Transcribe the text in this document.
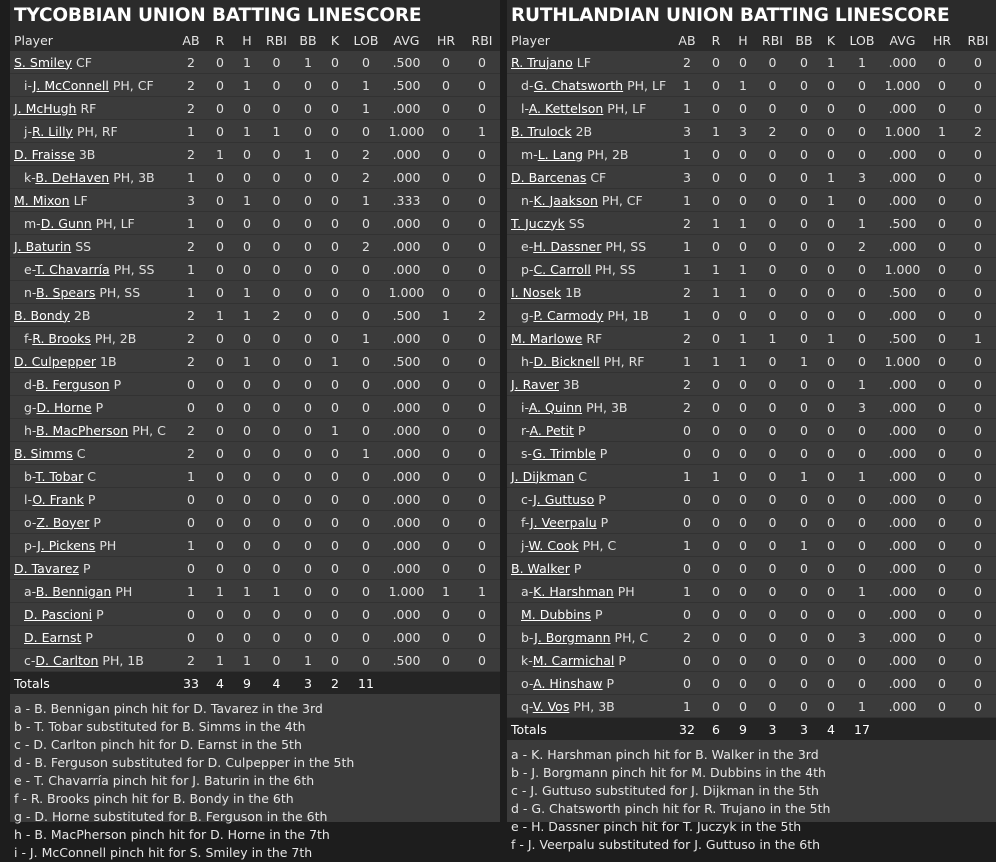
TYCOBBIAN UNION BATTING LINESCORE
Player	AB	R	H	RBI	BB	K	LOB	AVG	HR	RBI
S. Smiley CF	2	0	1	0	1	0	0	.500	0	0
i-J. McConnell PH, CF	2	0	1	0	0	0	1	.500	0	0
J. McHugh RF	2	0	0	0	0	0	1	.000	0	0
j-R. Lilly PH, RF	1	0	1	1	0	0	0	1.000	0	1
D. Fraisse 3B	2	1	0	0	1	0	2	.000	0	0
k-B. DeHaven PH, 3B	1	0	0	0	0	0	2	.000	0	0
M. Mixon LF	3	0	1	0	0	0	1	.333	0	0
m-D. Gunn PH, LF	1	0	0	0	0	0	0	.000	0	0
J. Baturin SS	2	0	0	0	0	0	2	.000	0	0
e-T. Chavarría PH, SS	1	0	0	0	0	0	0	.000	0	0
n-B. Spears PH, SS	1	0	1	0	0	0	0	1.000	0	0
B. Bondy 2B	2	1	1	2	0	0	0	.500	1	2
f-R. Brooks PH, 2B	2	0	0	0	0	0	1	.000	0	0
D. Culpepper 1B	2	0	1	0	0	1	0	.500	0	0
d-B. Ferguson P	0	0	0	0	0	0	0	.000	0	0
g-D. Horne P	0	0	0	0	0	0	0	.000	0	0
h-B. MacPherson PH, C	2	0	0	0	0	1	0	.000	0	0
B. Simms C	2	0	0	0	0	0	1	.000	0	0
b-T. Tobar C	1	0	0	0	0	0	0	.000	0	0
l-O. Frank P	0	0	0	0	0	0	0	.000	0	0
o-Z. Boyer P	0	0	0	0	0	0	0	.000	0	0
p-J. Pickens PH	1	0	0	0	0	0	0	.000	0	0
D. Tavarez P	0	0	0	0	0	0	0	.000	0	0
a-B. Bennigan PH	1	1	1	1	0	0	0	1.000	1	1
D. Pascioni P	0	0	0	0	0	0	0	.000	0	0
D. Earnst P	0	0	0	0	0	0	0	.000	0	0
c-D. Carlton PH, 1B	2	1	1	0	1	0	0	.500	0	0
Totals	33	4	9	4	3	2	11			
a - B. Bennigan pinch hit for D. Tavarez in the 3rd
b - T. Tobar substituted for B. Simms in the 4th
c - D. Carlton pinch hit for D. Earnst in the 5th
d - B. Ferguson substituted for D. Culpepper in the 5th
e - T. Chavarría pinch hit for J. Baturin in the 6th
f - R. Brooks pinch hit for B. Bondy in the 6th
g - D. Horne substituted for B. Ferguson in the 6th
h - B. MacPherson pinch hit for D. Horne in the 7th
i - J. McConnell pinch hit for S. Smiley in the 7th
RUTHLANDIAN UNION BATTING LINESCORE
Player	AB	R	H	RBI	BB	K	LOB	AVG	HR	RBI
R. Trujano LF	2	0	0	0	0	1	1	.000	0	0
d-G. Chatsworth PH, LF	1	0	1	0	0	0	0	1.000	0	0
l-A. Kettelson PH, LF	1	0	0	0	0	0	0	.000	0	0
B. Trulock 2B	3	1	3	2	0	0	0	1.000	1	2
m-L. Lang PH, 2B	1	0	0	0	0	0	0	.000	0	0
D. Barcenas CF	3	0	0	0	0	1	3	.000	0	0
n-K. Jaakson PH, CF	1	0	0	0	0	1	0	.000	0	0
T. Juczyk SS	2	1	1	0	0	0	1	.500	0	0
e-H. Dassner PH, SS	1	0	0	0	0	0	2	.000	0	0
p-C. Carroll PH, SS	1	1	1	0	0	0	0	1.000	0	0
I. Nosek 1B	2	1	1	0	0	0	0	.500	0	0
g-P. Carmody PH, 1B	1	0	0	0	0	0	0	.000	0	0
M. Marlowe RF	2	0	1	1	0	1	0	.500	0	1
h-D. Bicknell PH, RF	1	1	1	0	1	0	0	1.000	0	0
J. Raver 3B	2	0	0	0	0	0	1	.000	0	0
i-A. Quinn PH, 3B	2	0	0	0	0	0	3	.000	0	0
r-A. Petit P	0	0	0	0	0	0	0	.000	0	0
s-G. Trimble P	0	0	0	0	0	0	0	.000	0	0
J. Dijkman C	1	1	0	0	1	0	1	.000	0	0
c-J. Guttuso P	0	0	0	0	0	0	0	.000	0	0
f-J. Veerpalu P	0	0	0	0	0	0	0	.000	0	0
j-W. Cook PH, C	1	0	0	0	1	0	0	.000	0	0
B. Walker P	0	0	0	0	0	0	0	.000	0	0
a-K. Harshman PH	1	0	0	0	0	0	1	.000	0	0
M. Dubbins P	0	0	0	0	0	0	0	.000	0	0
b-J. Borgmann PH, C	2	0	0	0	0	0	3	.000	0	0
k-M. Carmichal P	0	0	0	0	0	0	0	.000	0	0
o-A. Hinshaw P	0	0	0	0	0	0	0	.000	0	0
q-V. Vos PH, 3B	1	0	0	0	0	0	1	.000	0	0
Totals	32	6	9	3	3	4	17			
a - K. Harshman pinch hit for B. Walker in the 3rd
b - J. Borgmann pinch hit for M. Dubbins in the 4th
c - J. Guttuso substituted for J. Dijkman in the 5th
d - G. Chatsworth pinch hit for R. Trujano in the 5th
e - H. Dassner pinch hit for T. Juczyk in the 5th
f - J. Veerpalu substituted for J. Guttuso in the 6th
